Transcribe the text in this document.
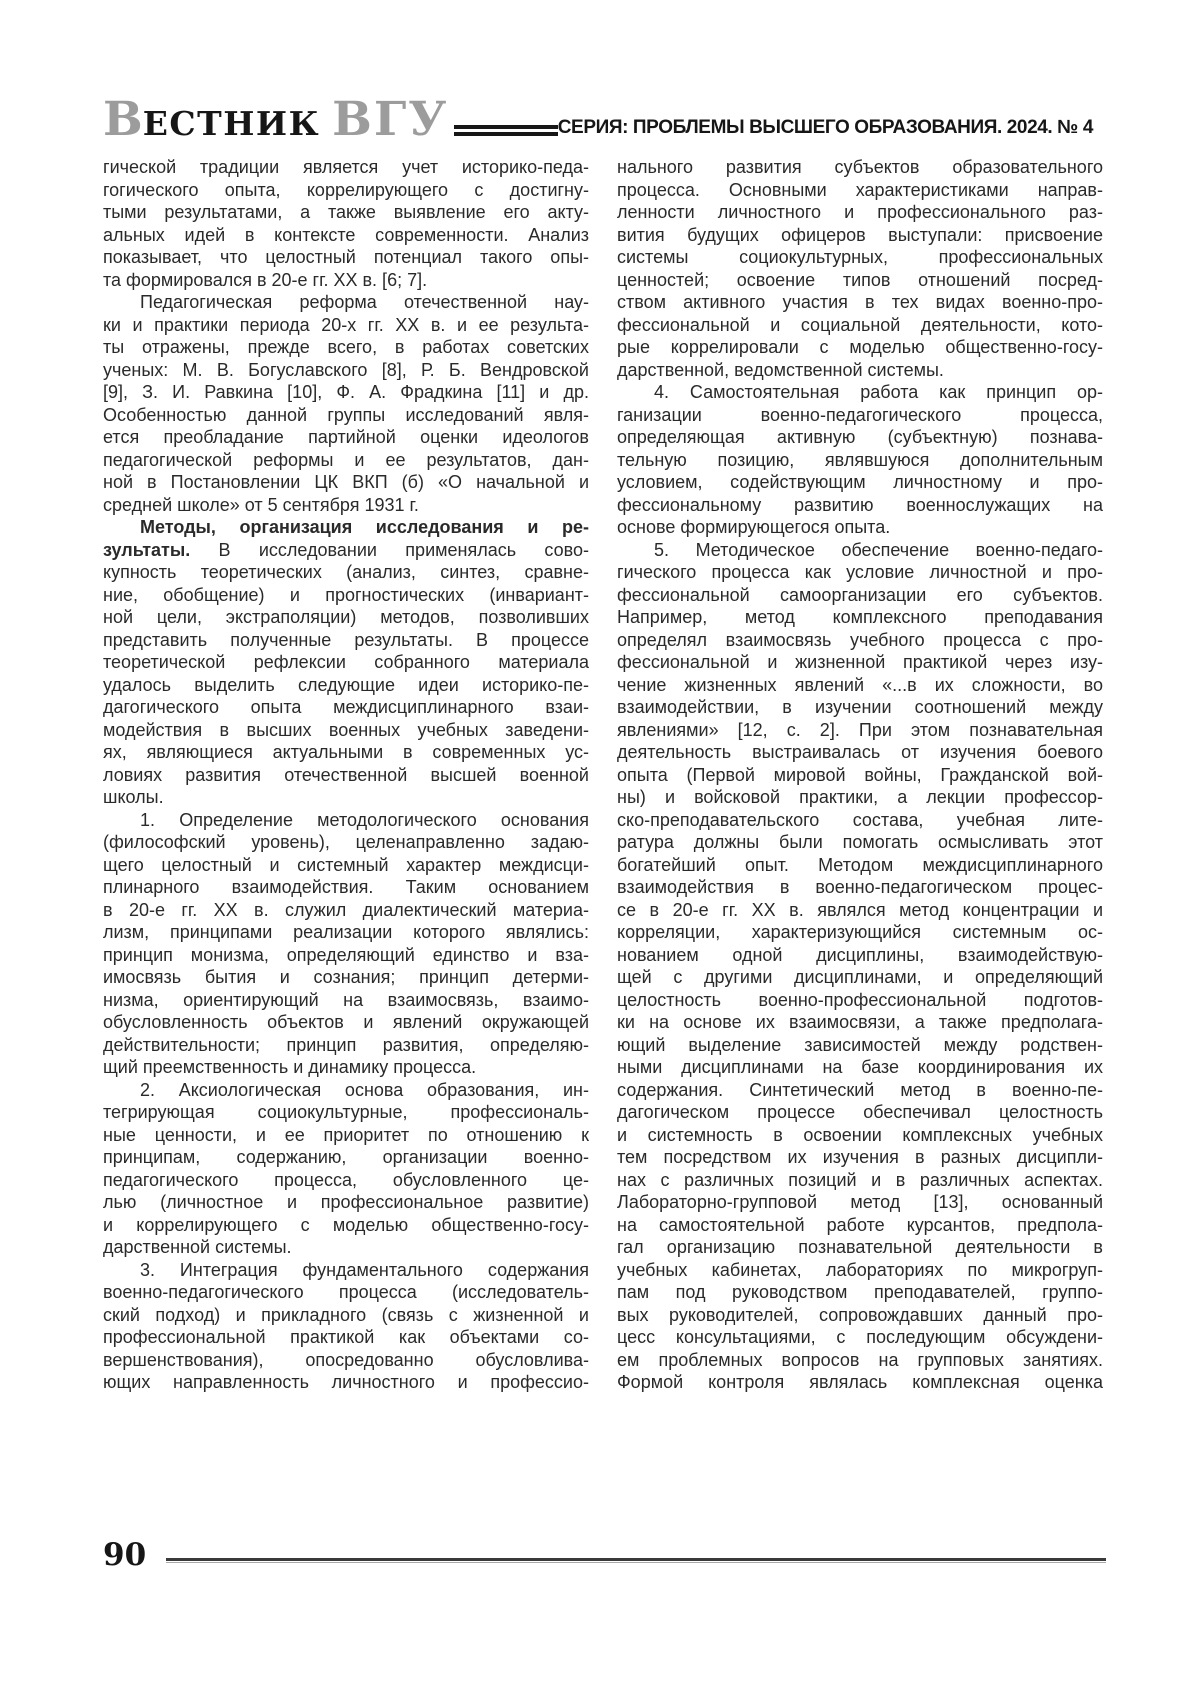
ВЕСТНИК ВГУ	СЕРИЯ: ПРОБЛЕМЫ ВЫСШЕГО ОБРАЗОВАНИЯ. 2024. № 4
гической традиции является учет историко-педа-
гогического опыта, коррелирующего с достигну-
тыми результатами, а также выявление его акту-
альных идей в контексте современности. Анализ
показывает, что целостный потенциал такого опы-
та формировался в 20-е гг. ХХ в. [6; 7].
Педагогическая реформа отечественной нау-
ки и практики периода 20-х гг. ХХ в. и ее результа-
ты отражены, прежде всего, в работах советских
ученых: М. В. Богуславского [8], Р. Б. Вендровской
[9], З. И. Равкина [10], Ф. А. Фрадкина [11] и др.
Особенностью данной группы исследований явля-
ется преобладание партийной оценки идеологов
педагогической реформы и ее результатов, дан-
ной в Постановлении ЦК ВКП (б) «О начальной и
средней школе» от 5 сентября 1931 г.
Методы, организация исследования и ре-
зультаты. В исследовании применялась сово-
купность теоретических (анализ, синтез, сравне-
ние, обобщение) и прогностических (инвариант-
ной цели, экстраполяции) методов, позволивших
представить полученные результаты. В процессе
теоретической рефлексии собранного материала
удалось выделить следующие идеи историко-пе-
дагогического опыта междисциплинарного взаи-
модействия в высших военных учебных заведени-
ях, являющиеся актуальными в современных ус-
ловиях развития отечественной высшей военной
школы.
1. Определение методологического основания
(философский уровень), целенаправленно задаю-
щего целостный и системный характер междисци-
плинарного взаимодействия. Таким основанием
в 20-е гг. ХХ в. служил диалектический материа-
лизм, принципами реализации которого являлись:
принцип монизма, определяющий единство и вза-
имосвязь бытия и сознания; принцип детерми-
низма, ориентирующий на взаимосвязь, взаимо-
обусловленность объектов и явлений окружающей
действительности; принцип развития, определяю-
щий преемственность и динамику процесса.
2. Аксиологическая основа образования, ин-
тегрирующая социокультурные, профессиональ-
ные ценности, и ее приоритет по отношению к
принципам, содержанию, организации военно-
педагогического процесса, обусловленного це-
лью (личностное и профессиональное развитие)
и коррелирующего с моделью общественно-госу-
дарственной системы.
3. Интеграция фундаментального содержания
военно-педагогического процесса (исследователь-
ский подход) и прикладного (связь с жизненной и
профессиональной практикой как объектами со-
вершенствования), опосредованно обусловлива-
ющих направленность личностного и профессио-
нального развития субъектов образовательного
процесса. Основными характеристиками направ-
ленности личностного и профессионального раз-
вития будущих офицеров выступали: присвоение
системы социокультурных, профессиональных
ценностей; освоение типов отношений посред-
ством активного участия в тех видах военно-про-
фессиональной и социальной деятельности, кото-
рые коррелировали с моделью общественно-госу-
дарственной, ведомственной системы.
4. Самостоятельная работа как принцип ор-
ганизации военно-педагогического процесса,
определяющая активную (субъектную) познава-
тельную позицию, являвшуюся дополнительным
условием, содействующим личностному и про-
фессиональному развитию военнослужащих на
основе формирующегося опыта.
5. Методическое обеспечение военно-педаго-
гического процесса как условие личностной и про-
фессиональной самоорганизации его субъектов.
Например, метод комплексного преподавания
определял взаимосвязь учебного процесса с про-
фессиональной и жизненной практикой через изу-
чение жизненных явлений «...в их сложности, во
взаимодействии, в изучении соотношений между
явлениями» [12, с. 2]. При этом познавательная
деятельность выстраивалась от изучения боевого
опыта (Первой мировой войны, Гражданской вой-
ны) и войсковой практики, а лекции профессор-
ско-преподавательского состава, учебная лите-
ратура должны были помогать осмысливать этот
богатейший опыт. Методом междисциплинарного
взаимодействия в военно-педагогическом процес-
се в 20-е гг. ХХ в. являлся метод концентрации и
корреляции, характеризующийся системным ос-
нованием одной дисциплины, взаимодействую-
щей с другими дисциплинами, и определяющий
целостность военно-профессиональной подготов-
ки на основе их взаимосвязи, а также предполага-
ющий выделение зависимостей между родствен-
ными дисциплинами на базе координирования их
содержания. Синтетический метод в военно-пе-
дагогическом процессе обеспечивал целостность
и системность в освоении комплексных учебных
тем посредством их изучения в разных дисципли-
нах с различных позиций и в различных аспектах.
Лабораторно-групповой метод [13], основанный
на самостоятельной работе курсантов, предпола-
гал организацию познавательной деятельности в
учебных кабинетах, лабораториях по микрогруп-
пам под руководством преподавателей, группо-
вых руководителей, сопровождавших данный про-
цесс консультациями, с последующим обсуждени-
ем проблемных вопросов на групповых занятиях.
Формой контроля являлась комплексная оценка
90
